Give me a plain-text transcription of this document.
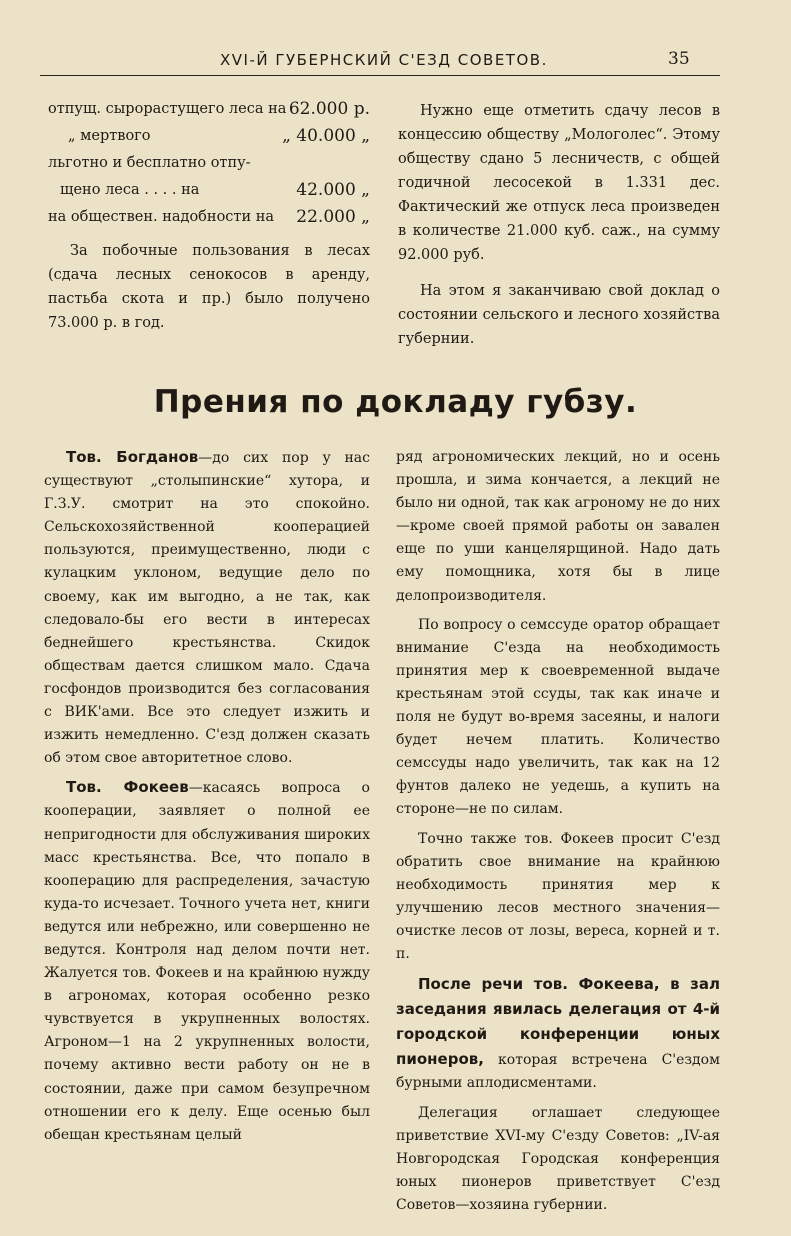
XVI-Й ГУБЕРНСКИЙ С'ЕЗД СОВЕТОВ.	35
отпущ. сырорастущего леса на 62.000 р.
„ мертвого	„ 40.000 „
льготно и бесплатно отпу-
щено леса . . . . на	42.000 „
на обществен. надобности на 22.000 „

За побочные пользования в лесах (сдача лесных сенокосов в аренду, пастьба скота и пр.) было получено 73.000 р. в год.

Нужно еще отметить сдачу лесов в концессию обществу „Мологолес“. Этому обществу сдано 5 лесничеств, с общей годичной лесосекой в 1.331 дес. Фактический же отпуск леса произведен в количестве 21.000 куб. саж., на сумму 92.000 руб.

На этом я заканчиваю свой доклад о состоянии сельского и лесного хозяйства губернии.

Прения по докладу губзу.

Тов. Богданов—до сих пор у нас существуют „столыпинские“ хутора, и Г.З.У. смотрит на это спокойно. Сельскохозяйственной кооперацией пользуются, преимущественно, люди с кулацким уклоном, ведущие дело по своему, как им выгодно, а не так, как следовало-бы его вести в интересах беднейшего крестьянства. Скидок обществам дается слишком мало. Сдача госфондов производится без согласования с ВИК'ами. Все это следует изжить и изжить немедленно. С'езд должен сказать об этом свое авторитетное слово.

Тов. Фокеев—касаясь вопроса о кооперации, заявляет о полной ее непригодности для обслуживания широких масс крестьянства. Все, что попало в кооперацию для распределения, зачастую куда-то исчезает. Точного учета нет, книги ведутся или небрежно, или совершенно не ведутся. Контроля над делом почти нет. Жалуется тов. Фокеев и на крайнюю нужду в агрономах, которая особенно резко чувствуется в укрупненных волостях. Агроном—1 на 2 укрупненных волости, почему активно вести работу он не в состоянии, даже при самом безупречном отношении его к делу. Еще осенью был обещан крестьянам целый

ряд агрономических лекций, но и осень прошла, и зима кончается, а лекций не было ни одной, так как агроному не до них—кроме своей прямой работы он завален еще по уши канцелярщиной. Надо дать ему помощника, хотя бы в лице делопроизводителя.

По вопросу о семссуде оратор обращает внимание С'езда на необходимость принятия мер к своевременной выдаче крестьянам этой ссуды, так как иначе и поля не будут во-время засеяны, и налоги будет нечем платить. Количество семссуды надо увеличить, так как на 12 фунтов далеко не уедешь, а купить на стороне—не по силам.

Точно также тов. Фокеев просит С'езд обратить свое внимание на крайнюю необходимость принятия мер к улучшению лесов местного значения—очистке лесов от лозы, вереса, корней и т. п.

После речи тов. Фокеева, в зал заседания явилась делегация от 4-й городской конференции юных пионеров, которая встречена С'ездом бурными аплодисментами.

Делегация оглашает следующее приветствие XVI-му С'езду Советов: „IV-ая Новгородская Городская конференция юных пионеров приветствует С'езд Советов—хозяина губернии.
